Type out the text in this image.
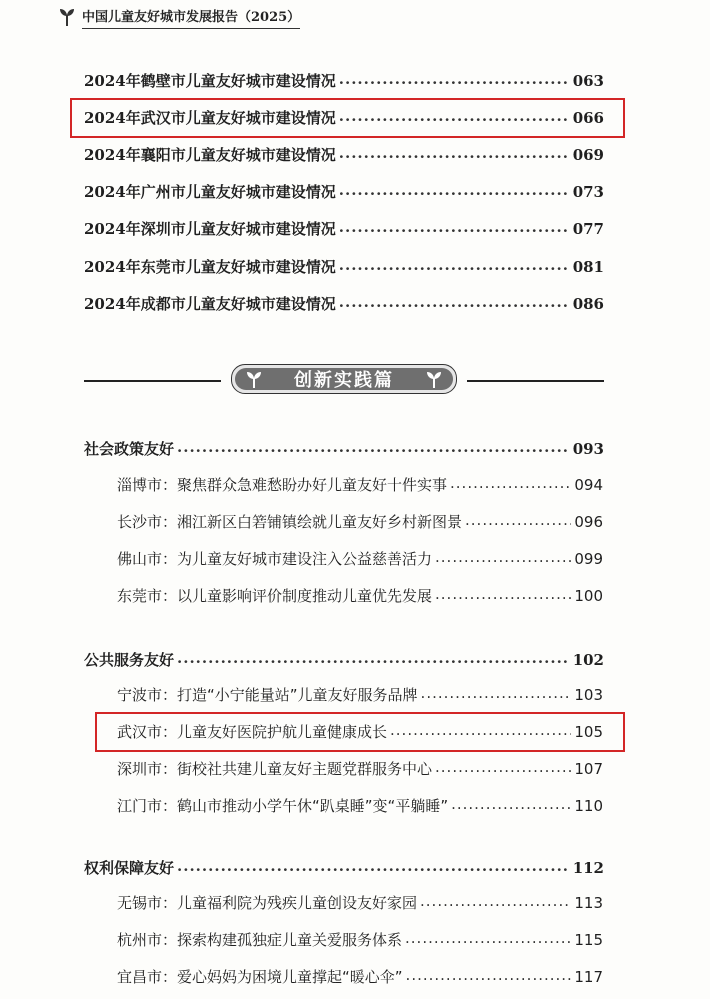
中国儿童友好城市发展报告（2025）
2024年鹤壁市儿童友好城市建设情况 .....	063
2024年武汉市儿童友好城市建设情况 .....	066
2024年襄阳市儿童友好城市建设情况 .....	069
2024年广州市儿童友好城市建设情况 .....	073
2024年深圳市儿童友好城市建设情况 .....	077
2024年东莞市儿童友好城市建设情况 .....	081
2024年成都市儿童友好城市建设情况 .....	086
创新实践篇
社会政策友好 .....	093
淄博市：聚焦群众急难愁盼办好儿童友好十件实事 .....	094
长沙市：湘江新区白箬铺镇绘就儿童友好乡村新图景 .....	096
佛山市：为儿童友好城市建设注入公益慈善活力 .....	099
东莞市：以儿童影响评价制度推动儿童优先发展 .....	100
公共服务友好 .....	102
宁波市：打造“小宁能量站”儿童友好服务品牌 .....	103
武汉市：儿童友好医院护航儿童健康成长 .....	105
深圳市：街校社共建儿童友好主题党群服务中心 .....	107
江门市：鹤山市推动小学午休“趴桌睡”变“平躺睡” .....	110
权利保障友好 .....	112
无锡市：儿童福利院为残疾儿童创设友好家园 .....	113
杭州市：探索构建孤独症儿童关爱服务体系 .....	115
宜昌市：爱心妈妈为困境儿童撑起“暖心伞” .....	117
